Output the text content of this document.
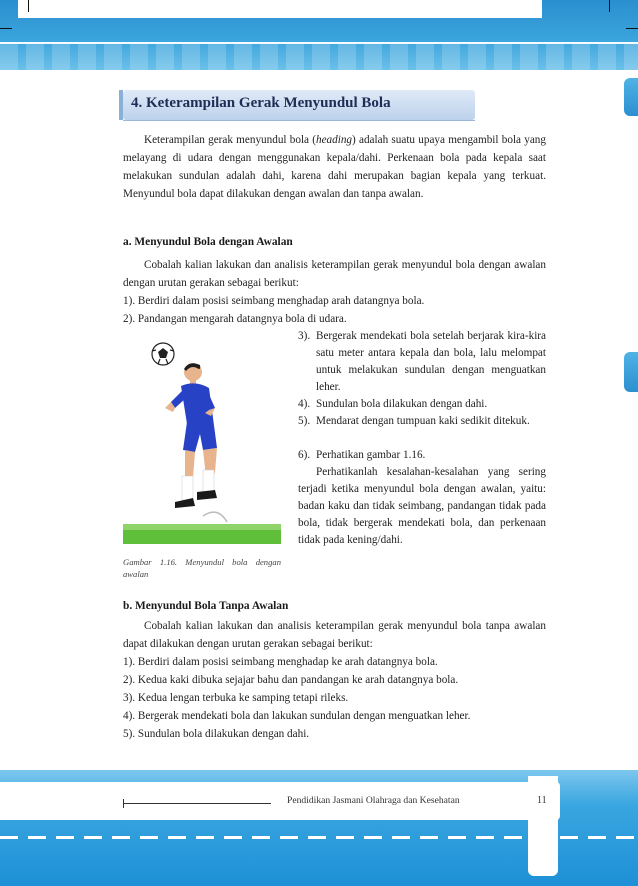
4. Keterampilan Gerak Menyundul Bola

Keterampilan gerak menyundul bola (heading) adalah suatu upaya mengambil bola yang melayang di udara dengan menggunakan kepala/dahi. Perkenaan bola pada kepala saat melakukan sundulan adalah dahi, karena dahi merupakan bagian kepala yang terkuat. Menyundul bola dapat dilakukan dengan awalan dan tanpa awalan.

a. Menyundul Bola dengan Awalan

Cobalah kalian lakukan dan analisis keterampilan gerak menyundul bola dengan awalan dengan urutan gerakan sebagai berikut:

1). Berdiri dalam posisi seimbang menghadap arah datangnya bola.
2). Pandangan mengarah datangnya bola di udara.
3). Bergerak mendekati bola setelah berjarak kira-kira satu meter antara kepala dan bola, lalu melompat untuk melakukan sundulan dengan menguatkan leher.
4). Sundulan bola dilakukan dengan dahi.
5). Mendarat dengan tumpuan kaki sedikit ditekuk.
6). Perhatikan gambar 1.16.
Perhatikanlah kesalahan-kesalahan yang sering terjadi ketika menyundul bola dengan awalan, yaitu: badan kaku dan tidak seimbang, pandangan tidak pada bola, tidak bergerak mendekati bola, dan perkenaan tidak pada kening/dahi.
Gambar 1.16. Menyundul bola dengan awalan
b. Menyundul Bola Tanpa Awalan

Cobalah kalian lakukan dan analisis keterampilan gerak menyundul bola tanpa awalan dapat dilakukan dengan urutan gerakan sebagai berikut:

1). Berdiri dalam posisi seimbang menghadap ke arah datangnya bola.
2). Kedua kaki dibuka sejajar bahu dan pandangan ke arah datangnya bola.
3). Kedua lengan terbuka ke samping tetapi rileks.
4). Bergerak mendekati bola dan lakukan sundulan dengan menguatkan leher.
5). Sundulan bola dilakukan dengan dahi.
Pendidikan Jasmani Olahraga dan Kesehatan	11
